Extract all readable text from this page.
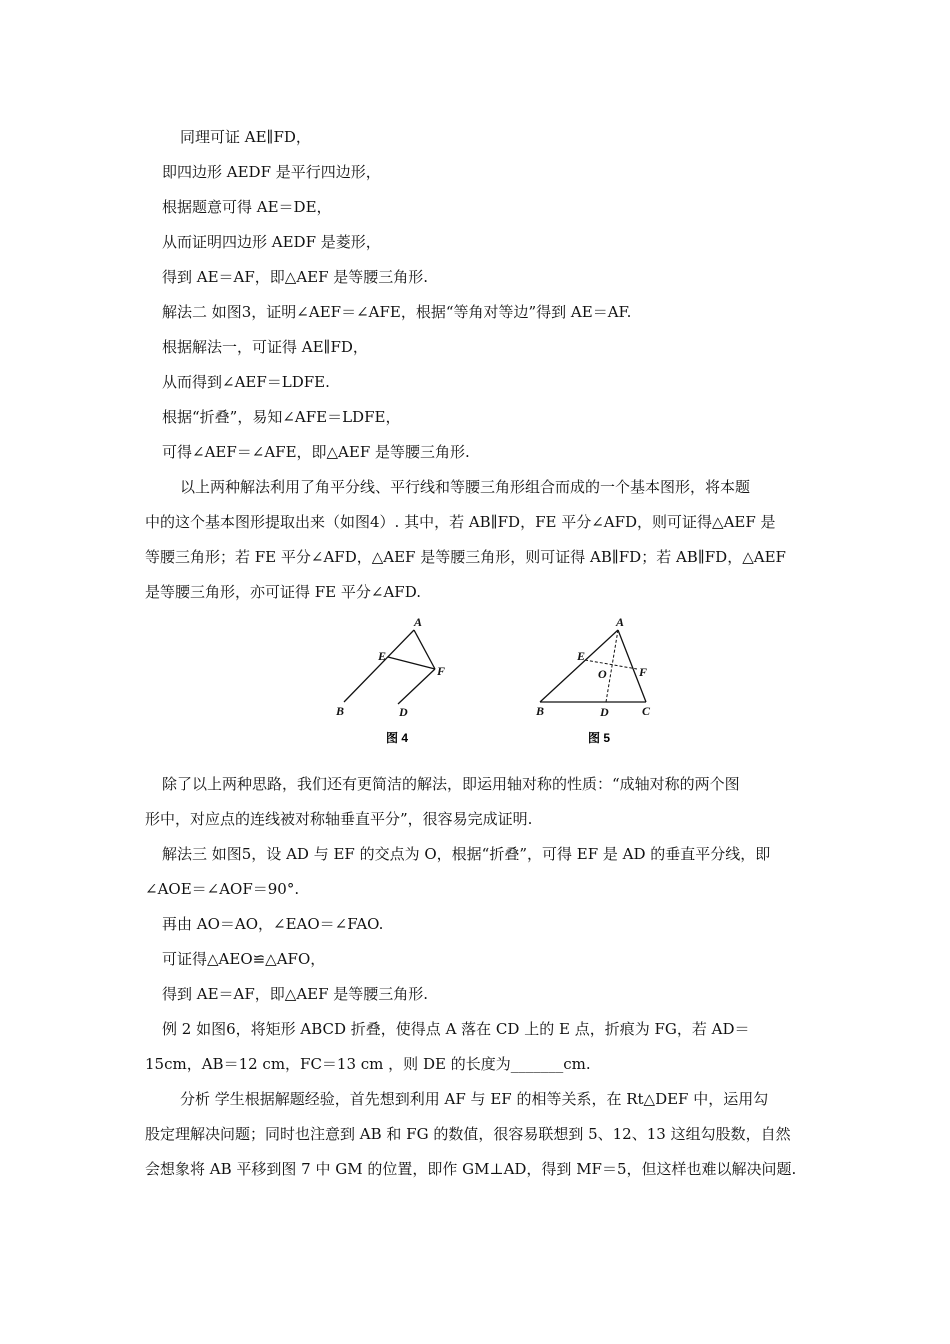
同理可证 AE∥FD，
即四边形 AEDF 是平行四边形，
根据题意可得 AE＝DE，
从而证明四边形 AEDF 是菱形，
得到 AE＝AF，即△AEF 是等腰三角形.
解法二 如图3，证明∠AEF＝∠AFE，根据“等角对等边”得到 AE＝AF.
根据解法一，可证得 AE∥FD，
从而得到∠AEF＝LDFE.
根据“折叠”，易知∠AFE＝LDFE，
可得∠AEF＝∠AFE，即△AEF 是等腰三角形.
以上两种解法利用了角平分线、平行线和等腰三角形组合而成的一个基本图形，将本题
中的这个基本图形提取出来（如图4）. 其中，若 AB∥FD，FE 平分∠AFD，则可证得△AEF 是
等腰三角形；若 FE 平分∠AFD，△AEF 是等腰三角形，则可证得 AB∥FD；若 AB∥FD，△AEF
是等腰三角形，亦可证得 FE 平分∠AFD.
A
E
F
B	D
A
E
F
O
B	D	C
图 4	图 5
除了以上两种思路，我们还有更简洁的解法，即运用轴对称的性质：“成轴对称的两个图
形中，对应点的连线被对称轴垂直平分”，很容易完成证明.
解法三 如图5，设 AD 与 EF 的交点为 O，根据“折叠”，可得 EF 是 AD 的垂直平分线，即
∠AOE＝∠AOF＝90°.
再由 AO＝AO，∠EAO＝∠FAO.
可证得△AEO≌△AFO，
得到 AE＝AF，即△AEF 是等腰三角形.
例 2 如图6，将矩形 ABCD 折叠，使得点 A 落在 CD 上的 E 点，折痕为 FG，若 AD＝
15cm，AB＝12 cm，FC＝13 cm ，则 DE 的长度为_______cm.
分析 学生根据解题经验，首先想到利用 AF 与 EF 的相等关系，在 Rt△DEF 中，运用勾
股定理解决问题；同时也注意到 AB 和 FG 的数值，很容易联想到 5、12、13 这组勾股数，自然
会想象将 AB 平移到图 7 中 GM 的位置，即作 GM⊥AD，得到 MF＝5，但这样也难以解决问题.
